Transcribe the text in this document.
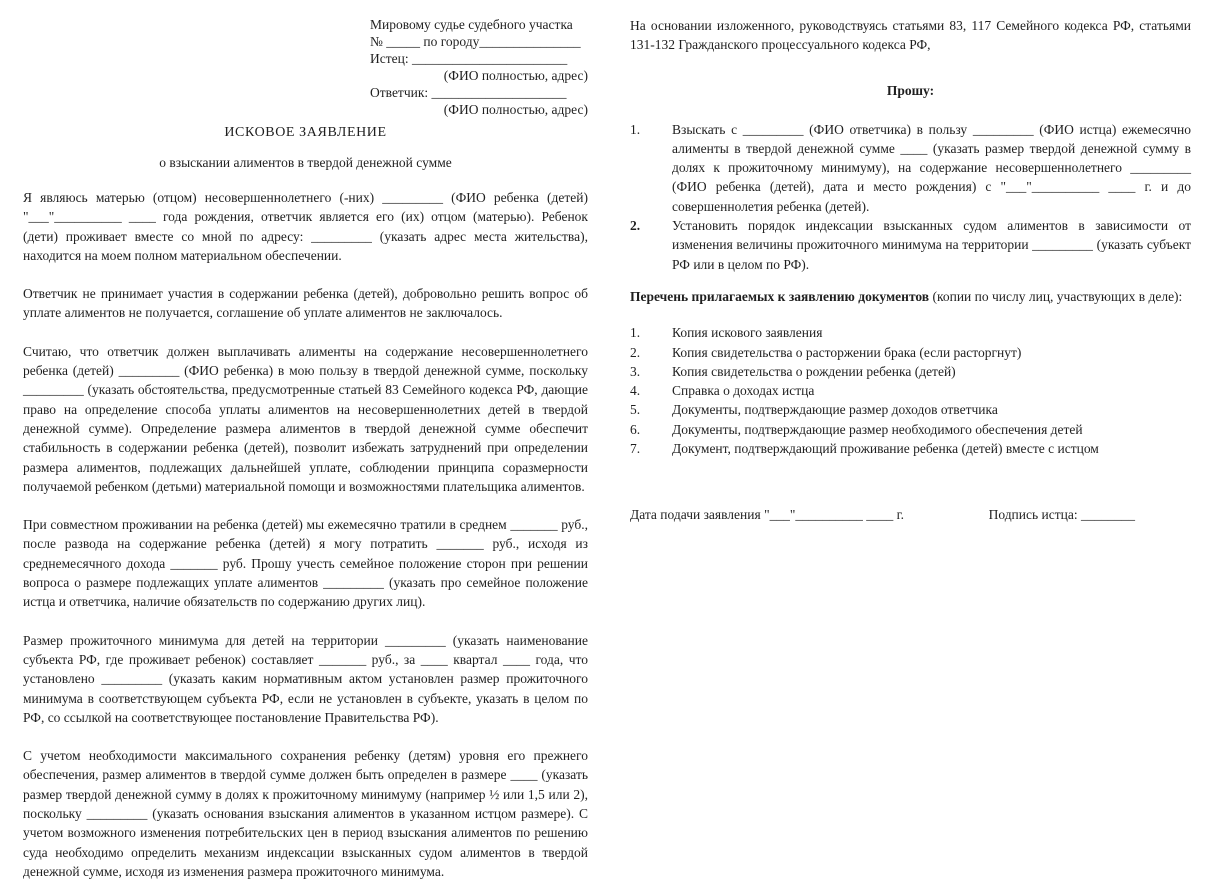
Мировому судье судебного участка
№ _____ по городу_______________
Истец: _______________________
(ФИО полностью, адрес)
Ответчик: ____________________
(ФИО полностью, адрес)
ИСКОВОЕ ЗАЯВЛЕНИЕ
о взыскании алиментов в твердой денежной сумме

Я являюсь матерью (отцом) несовершеннолетнего (-них) _________ (ФИО ребенка (детей) "___"__________ ____ года рождения, ответчик является его (их) отцом (матерью). Ребенок (дети) проживает вместе со мной по адресу: _________ (указать адрес места жительства), находится на моем полном материальном обеспечении.

Ответчик не принимает участия в содержании ребенка (детей), добровольно решить вопрос об уплате алиментов не получается, соглашение об уплате алиментов не заключалось.

Считаю, что ответчик должен выплачивать алименты на содержание несовершеннолетнего ребенка (детей) _________ (ФИО ребенка) в мою пользу в твердой денежной сумме, поскольку _________ (указать обстоятельства, предусмотренные статьей 83 Семейного кодекса РФ, дающие право на определение способа уплаты алиментов на несовершеннолетних детей в твердой денежной сумме). Определение размера алиментов в твердой денежной сумме обеспечит стабильность в содержании ребенка (детей), позволит избежать затруднений при определении размера алиментов, подлежащих дальнейшей уплате, соблюдении принципа соразмерности получаемой ребенком (детьми) материальной помощи и возможностями плательщика алиментов.

При совместном проживании на ребенка (детей) мы ежемесячно тратили в среднем _______ руб., после развода на содержание ребенка (детей) я могу потратить _______ руб., исходя из среднемесячного дохода _______ руб. Прошу учесть семейное положение сторон при решении вопроса о размере подлежащих уплате алиментов _________ (указать про семейное положение истца и ответчика, наличие обязательств по содержанию других лиц).

Размер прожиточного минимума для детей на территории _________ (указать наименование субъекта РФ, где проживает ребенок) составляет _______ руб., за ____ квартал ____ года, что установлено _________ (указать каким нормативным актом установлен размер прожиточного минимума в соответствующем субъекта РФ, если не установлен в субъекте, указать в целом по РФ, со ссылкой на соответствующее постановление Правительства РФ).

С учетом необходимости максимального сохранения ребенку (детям) уровня его прежнего обеспечения, размер алиментов в твердой сумме должен быть определен в размере ____ (указать размер твердой денежной сумму в долях к прожиточному минимуму (например ½ или 1,5 или 2), поскольку _________ (указать основания взыскания алиментов в указанном истцом размере). С учетом возможного изменения потребительских цен в период взыскания алиментов по решению суда необходимо определить механизм индексации взысканных судом алиментов в твердой денежной сумме, исходя из изменения размера прожиточного минимума.

На основании изложенного, руководствуясь статьями 83, 117 Семейного кодекса РФ, статьями 131-132 Гражданского процессуального кодекса РФ,

Прошу:
1.	Взыскать с _________ (ФИО ответчика) в пользу _________ (ФИО истца) ежемесячно алименты в твердой денежной сумме ____ (указать размер твердой денежной сумму в долях к прожиточному минимуму), на содержание несовершеннолетнего _________ (ФИО ребенка (детей), дата и место рождения) с "___"__________ ____ г. и до совершеннолетия ребенка (детей).
2.	Установить порядок индексации взысканных судом алиментов в зависимости от изменения величины прожиточного минимума на территории _________ (указать субъект РФ или в целом по РФ).

Перечень прилагаемых к заявлению документов (копии по числу лиц, участвующих в деле):

1.	Копия искового заявления
2.	Копия свидетельства о расторжении брака (если расторгнут)
3.	Копия свидетельства о рождении ребенка (детей)
4.	Справка о доходах истца
5.	Документы, подтверждающие размер доходов ответчика
6.	Документы, подтверждающие размер необходимого обеспечения детей
7.	Документ, подтверждающий проживание ребенка (детей) вместе с истцом
Дата подачи заявления "___"__________ ____ г.	Подпись истца: ________
